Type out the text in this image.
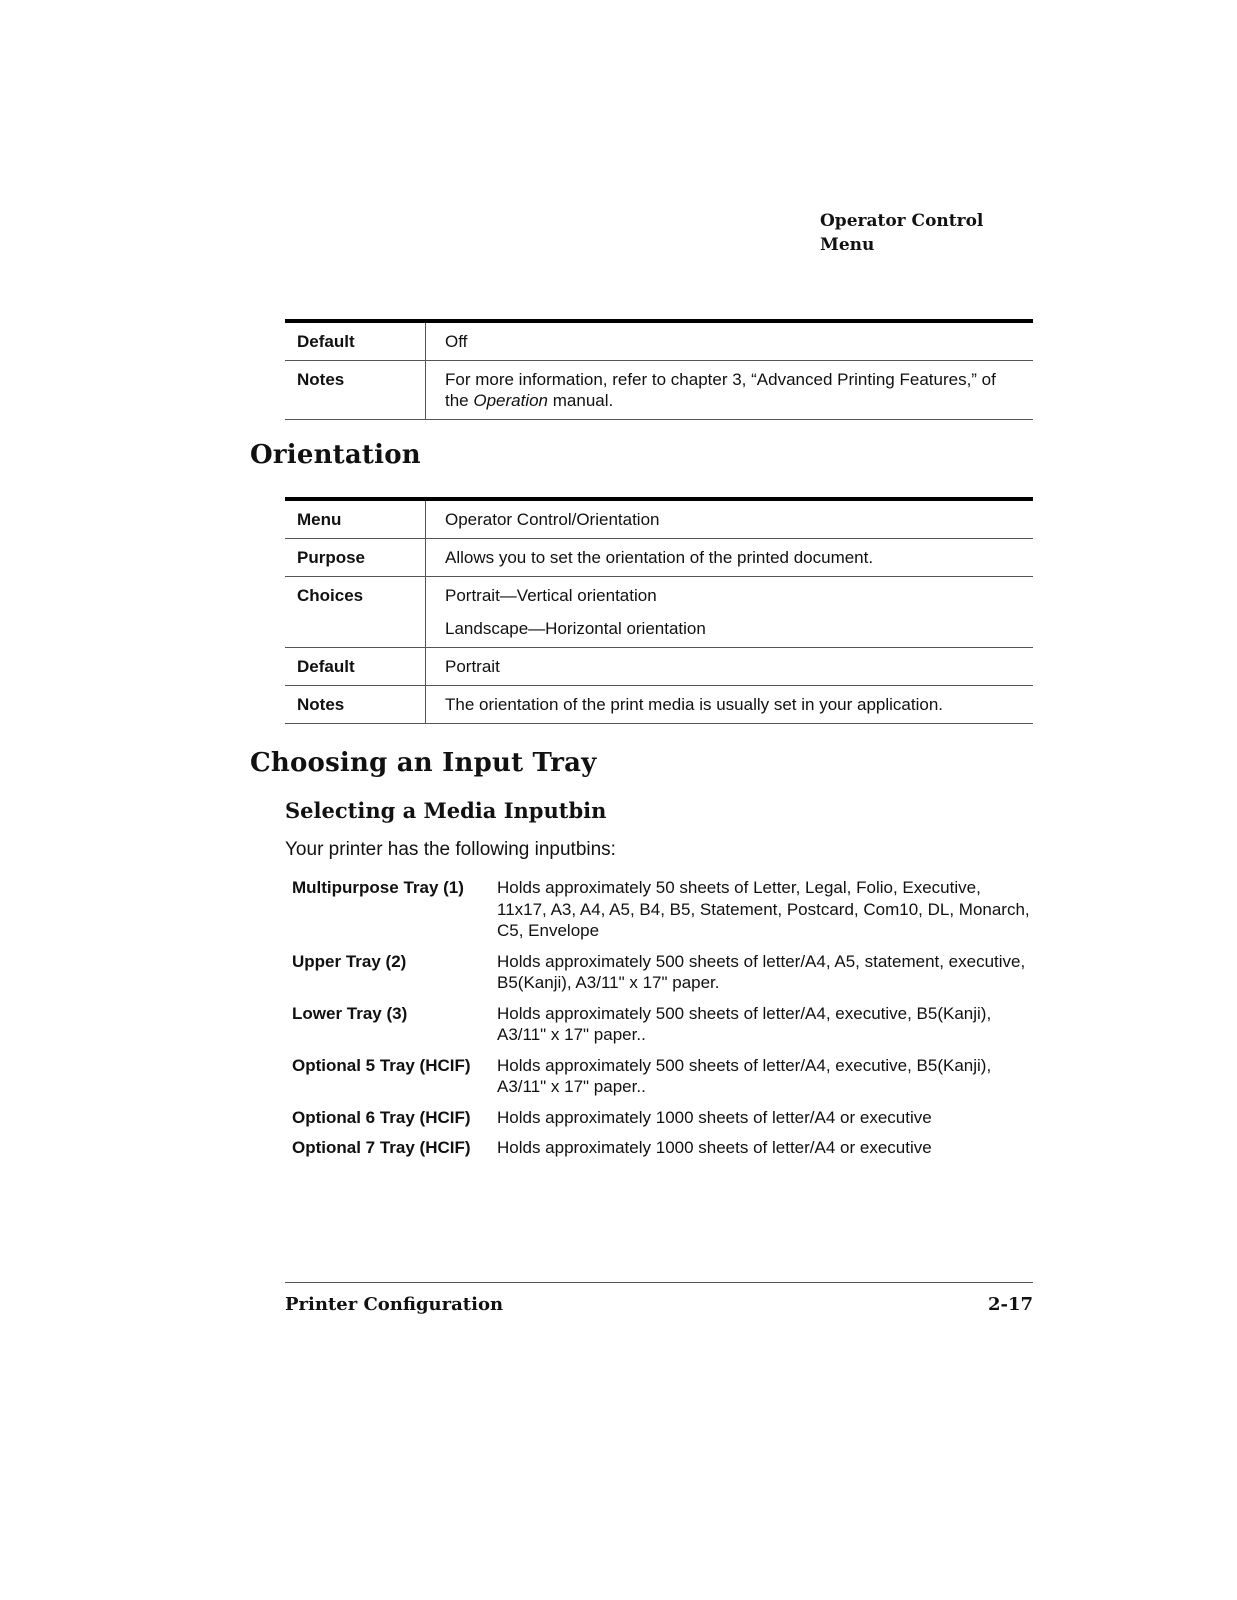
Operator Control
Menu
Default	Off
Notes	For more information, refer to chapter 3, “Advanced Printing Features,” of the Operation manual.
Orientation
Menu	Operator Control/Orientation
Purpose	Allows you to set the orientation of the printed document.
Choices	Portrait—Vertical orientation
Landscape—Horizontal orientation

Default	Portrait
Notes	The orientation of the print media is usually set in your application.
Choosing an Input Tray
Selecting a Media Inputbin

Your printer has the following inputbins:

Multipurpose Tray (1)	Holds approximately 50 sheets of Letter, Legal, Folio, Executive, 11x17, A3, A4, A5, B4, B5, Statement, Postcard, Com10, DL, Monarch, C5, Envelope
Upper Tray (2)	Holds approximately 500 sheets of letter/A4, A5, statement, executive, B5(Kanji), A3/11" x 17" paper.
Lower Tray (3)	Holds approximately 500 sheets of letter/A4, executive, B5(Kanji), A3/11" x 17" paper..
Optional 5 Tray (HCIF)	Holds approximately 500 sheets of letter/A4, executive, B5(Kanji), A3/11" x 17" paper..
Optional 6 Tray (HCIF)	Holds approximately 1000 sheets of letter/A4 or executive
Optional 7 Tray (HCIF)	Holds approximately 1000 sheets of letter/A4 or executive
Printer Configuration	2-17
